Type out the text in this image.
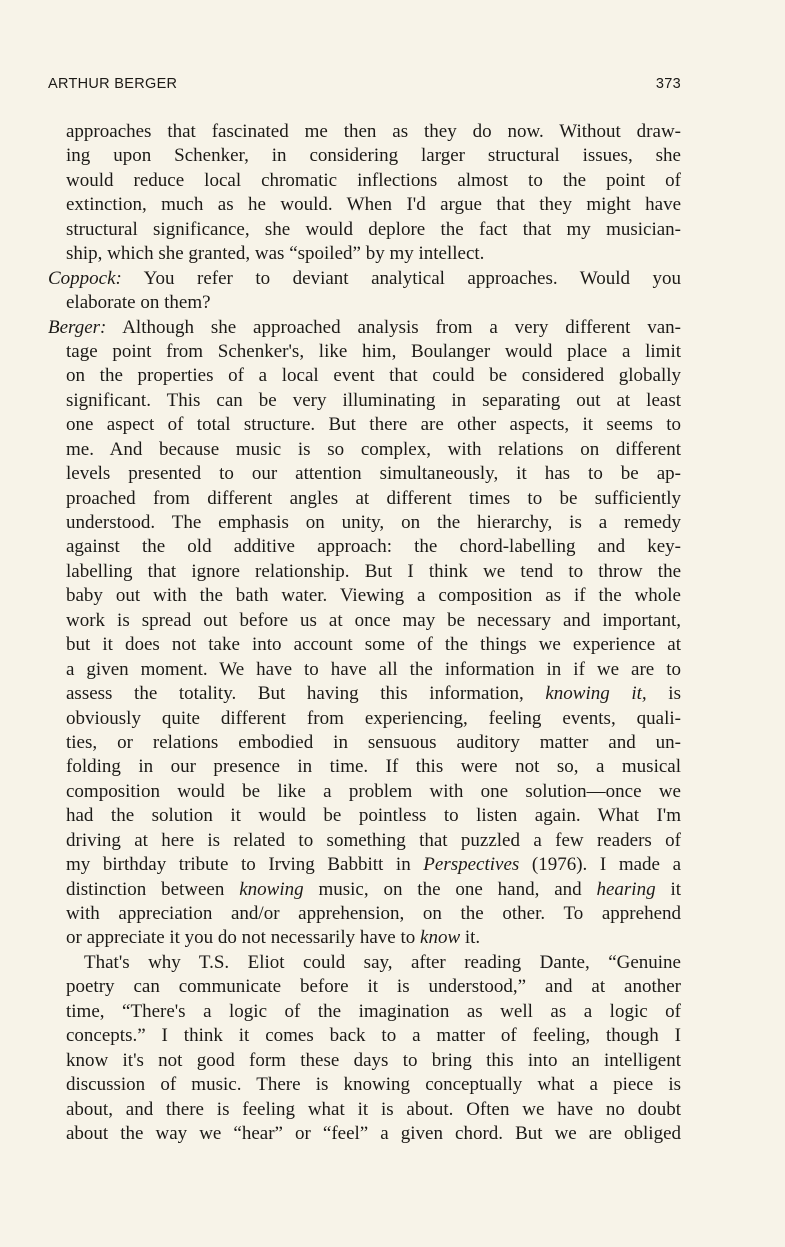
ARTHUR BERGER	373
approaches that fascinated me then as they do now. Without draw-
ing upon Schenker, in considering larger structural issues, she
would reduce local chromatic inflections almost to the point of
extinction, much as he would. When I'd argue that they might have
structural significance, she would deplore the fact that my musician-
ship, which she granted, was “spoiled” by my intellect.
Coppock: You refer to deviant analytical approaches. Would you
elaborate on them?
Berger: Although she approached analysis from a very different van-
tage point from Schenker's, like him, Boulanger would place a limit
on the properties of a local event that could be considered globally
significant. This can be very illuminating in separating out at least
one aspect of total structure. But there are other aspects, it seems to
me. And because music is so complex, with relations on different
levels presented to our attention simultaneously, it has to be ap-
proached from different angles at different times to be sufficiently
understood. The emphasis on unity, on the hierarchy, is a remedy
against the old additive approach: the chord-labelling and key-
labelling that ignore relationship. But I think we tend to throw the
baby out with the bath water. Viewing a composition as if the whole
work is spread out before us at once may be necessary and important,
but it does not take into account some of the things we experience at
a given moment. We have to have all the information in if we are to
assess the totality. But having this information, knowing it, is
obviously quite different from experiencing, feeling events, quali-
ties, or relations embodied in sensuous auditory matter and un-
folding in our presence in time. If this were not so, a musical
composition would be like a problem with one solution—once we
had the solution it would be pointless to listen again. What I'm
driving at here is related to something that puzzled a few readers of
my birthday tribute to Irving Babbitt in Perspectives (1976). I made a
distinction between knowing music, on the one hand, and hearing it
with appreciation and/or apprehension, on the other. To apprehend
or appreciate it you do not necessarily have to know it.
That's why T.S. Eliot could say, after reading Dante, “Genuine
poetry can communicate before it is understood,” and at another
time, “There's a logic of the imagination as well as a logic of
concepts.” I think it comes back to a matter of feeling, though I
know it's not good form these days to bring this into an intelligent
discussion of music. There is knowing conceptually what a piece is
about, and there is feeling what it is about. Often we have no doubt
about the way we “hear” or “feel” a given chord. But we are obliged
